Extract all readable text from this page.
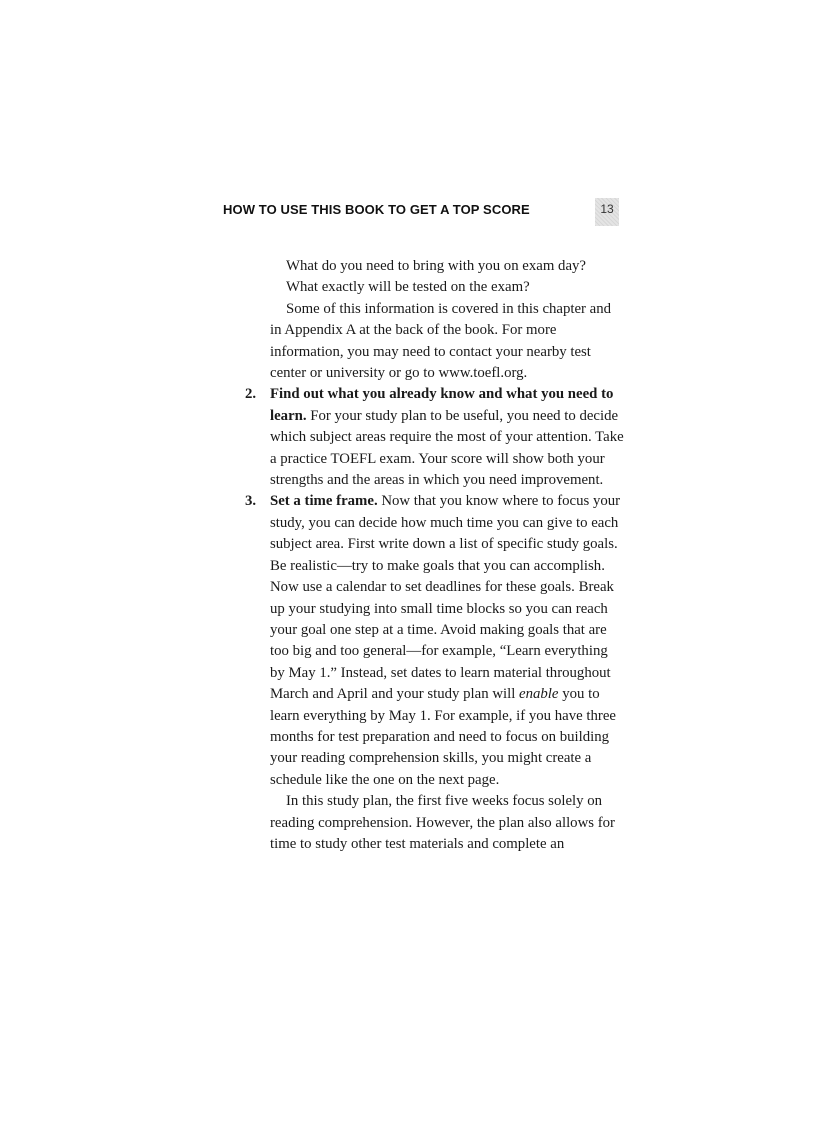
HOW TO USE THIS BOOK TO GET A TOP SCORE	13

What do you need to bring with you on exam day?

What exactly will be tested on the exam?

Some of this information is covered in this chapter and in Appendix A at the back of the book. For more information, you may need to contact your nearby test center or university or go to www.toefl.org.

2. Find out what you already know and what you need to learn. For your study plan to be useful, you need to decide which subject areas require the most of your attention. Take a practice TOEFL exam. Your score will show both your strengths and the areas in which you need improvement.

3. Set a time frame. Now that you know where to focus your study, you can decide how much time you can give to each subject area. First write down a list of specific study goals. Be realistic—try to make goals that you can accomplish. Now use a calendar to set deadlines for these goals. Break up your studying into small time blocks so you can reach your goal one step at a time. Avoid making goals that are too big and too general—for example, “Learn everything by May 1.” Instead, set dates to learn material throughout March and April and your study plan will enable you to learn everything by May 1. For example, if you have three months for test preparation and need to focus on building your reading comprehension skills, you might create a schedule like the one on the next page.

In this study plan, the first five weeks focus solely on reading comprehension. However, the plan also allows for time to study other test materials and complete an
